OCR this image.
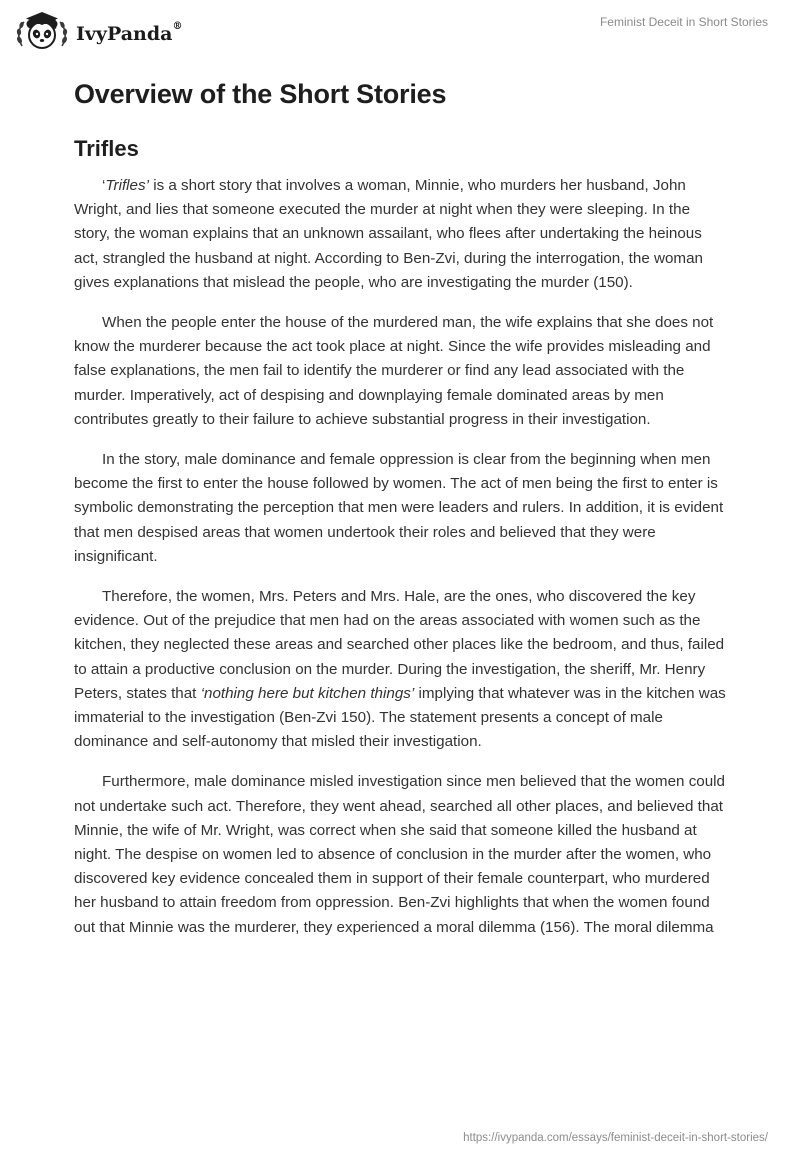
IvyPanda®	Feminist Deceit in Short Stories
Overview of the Short Stories
Trifles

‘Trifles’ is a short story that involves a woman, Minnie, who murders her husband, John Wright, and lies that someone executed the murder at night when they were sleeping. In the story, the woman explains that an unknown assailant, who flees after undertaking the heinous act, strangled the husband at night. According to Ben-Zvi, during the interrogation, the woman gives explanations that mislead the people, who are investigating the murder (150).

When the people enter the house of the murdered man, the wife explains that she does not know the murderer because the act took place at night. Since the wife provides misleading and false explanations, the men fail to identify the murderer or find any lead associated with the murder. Imperatively, act of despising and downplaying female dominated areas by men contributes greatly to their failure to achieve substantial progress in their investigation.

In the story, male dominance and female oppression is clear from the beginning when men become the first to enter the house followed by women. The act of men being the first to enter is symbolic demonstrating the perception that men were leaders and rulers. In addition, it is evident that men despised areas that women undertook their roles and believed that they were insignificant.

Therefore, the women, Mrs. Peters and Mrs. Hale, are the ones, who discovered the key evidence. Out of the prejudice that men had on the areas associated with women such as the kitchen, they neglected these areas and searched other places like the bedroom, and thus, failed to attain a productive conclusion on the murder. During the investigation, the sheriff, Mr. Henry Peters, states that ‘nothing here but kitchen things’ implying that whatever was in the kitchen was immaterial to the investigation (Ben-Zvi 150). The statement presents a concept of male dominance and self-autonomy that misled their investigation.

Furthermore, male dominance misled investigation since men believed that the women could not undertake such act. Therefore, they went ahead, searched all other places, and believed that Minnie, the wife of Mr. Wright, was correct when she said that someone killed the husband at night. The despise on women led to absence of conclusion in the murder after the women, who discovered key evidence concealed them in support of their female counterpart, who murdered her husband to attain freedom from oppression. Ben-Zvi highlights that when the women found out that Minnie was the murderer, they experienced a moral dilemma (156). The moral dilemma

https://ivypanda.com/essays/feminist-deceit-in-short-stories/
